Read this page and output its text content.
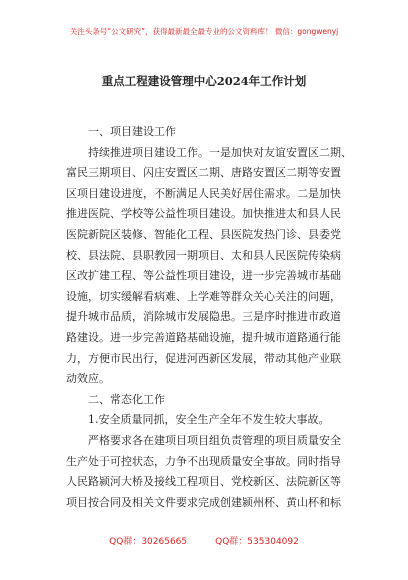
关注头条号“公文研究”，获得最新最全最专业的公文资料库！ 微信：gongwenyj
重点工程建设管理中心2024年工作计划
一、项目建设工作
持续推进项目建设工作。一是加快对友谊安置区二期、
富民三期项目、闪庄安置区二期、唐路安置区二期等安置
区项目建设进度，不断满足人民美好居住需求。二是加快
推进医院、学校等公益性项目建设。加快推进太和县人民
医院新院区装修、智能化工程、县医院发热门诊、县委党
校、县法院、县职教园一期项目、太和县人民医院传染病
区改扩建工程、等公益性项目建设，进一步完善城市基础
设施，切实缓解看病难、上学难等群众关心关注的问题，
提升城市品质，消除城市发展隐患。三是序时推进市政道
路建设。进一步完善道路基础设施，提升城市道路通行能
力，方便市民出行，促进河西新区发展，带动其他产业联
动效应。
二、常态化工作
1.安全质量同抓，安全生产全年不发生较大事故。
严格要求各在建项目项目组负责管理的项目质量安全
生产处于可控状态，力争不出现质量安全事故。同时指导
人民路颍河大桥及接线工程项目、党校新区、法院新区等
项目按合同及相关文件要求完成创建颍州杯、黄山杯和标
QQ群：30265665	QQ群：535304092
